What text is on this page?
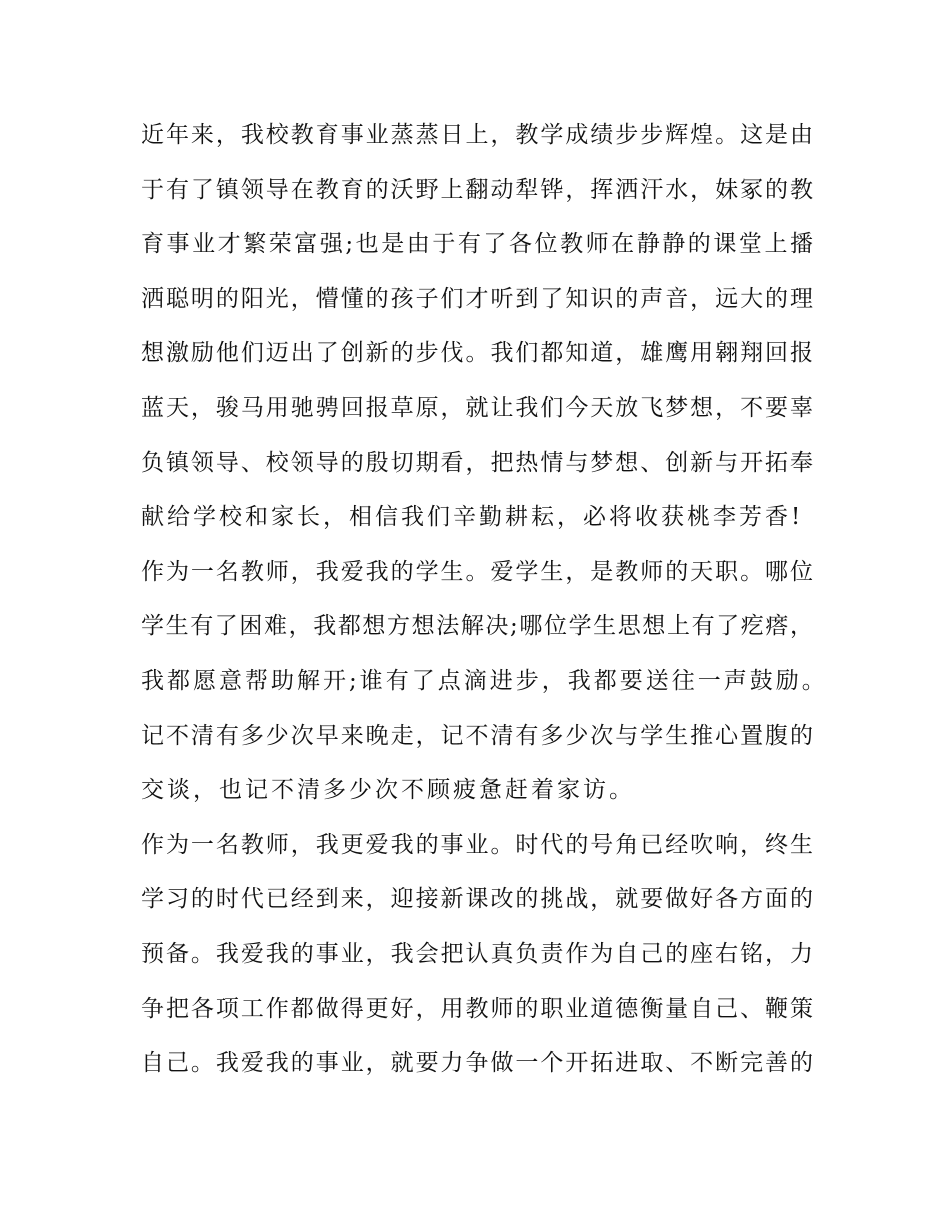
近年来，我校教育事业蒸蒸日上，教学成绩步步辉煌。这是由
于有了镇领导在教育的沃野上翻动犁铧，挥洒汗水，妹冢的教
育事业才繁荣富强;也是由于有了各位教师在静静的课堂上播
洒聪明的阳光，懵懂的孩子们才听到了知识的声音，远大的理
想激励他们迈出了创新的步伐。我们都知道，雄鹰用翱翔回报
蓝天，骏马用驰骋回报草原，就让我们今天放飞梦想，不要辜
负镇领导、校领导的殷切期看，把热情与梦想、创新与开拓奉
献给学校和家长，相信我们辛勤耕耘，必将收获桃李芳香!
作为一名教师，我爱我的学生。爱学生，是教师的天职。哪位
学生有了困难，我都想方想法解决;哪位学生思想上有了疙瘩，
我都愿意帮助解开;谁有了点滴进步，我都要送往一声鼓励。
记不清有多少次早来晚走，记不清有多少次与学生推心置腹的
交谈，也记不清多少次不顾疲惫赶着家访。
作为一名教师，我更爱我的事业。时代的号角已经吹响，终生
学习的时代已经到来，迎接新课改的挑战，就要做好各方面的
预备。我爱我的事业，我会把认真负责作为自己的座右铭，力
争把各项工作都做得更好，用教师的职业道德衡量自己、鞭策
自己。我爱我的事业，就要力争做一个开拓进取、不断完善的
